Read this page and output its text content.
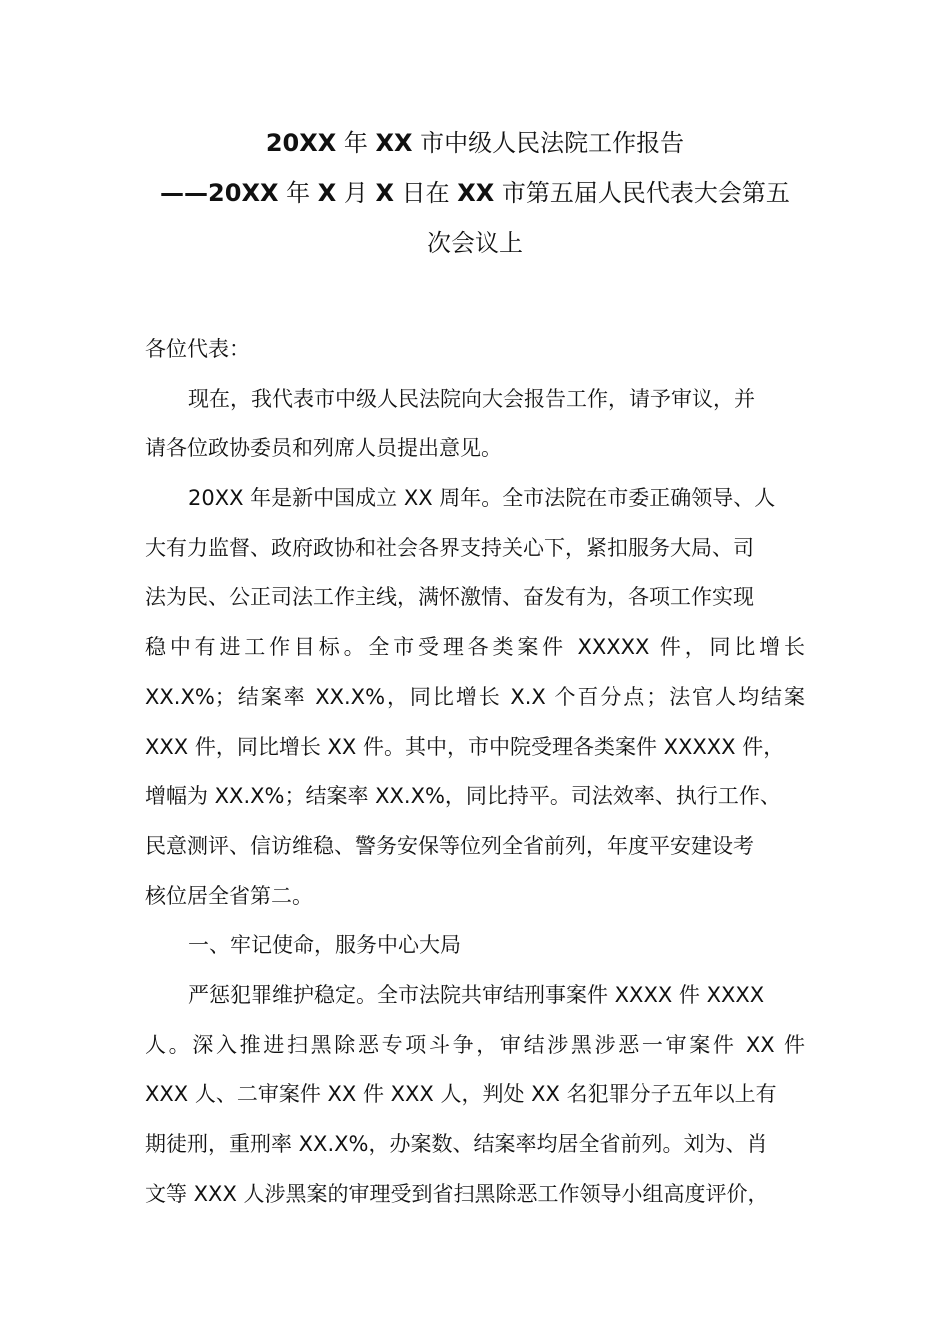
20XX 年 XX 市中级人民法院工作报告
——20XX 年 X 月 X 日在 XX 市第五届人民代表大会第五
次会议上
各位代表：
现在，我代表市中级人民法院向大会报告工作，请予审议，并
请各位政协委员和列席人员提出意见。
20XX 年是新中国成立 XX 周年。全市法院在市委正确领导、人
大有力监督、政府政协和社会各界支持关心下，紧扣服务大局、司
法为民、公正司法工作主线，满怀激情、奋发有为，各项工作实现
稳中有进工作目标。全市受理各类案件 XXXXX 件，同比增长
XX.X%；结案率 XX.X%，同比增长 X.X 个百分点；法官人均结案
XXX 件，同比增长 XX 件。其中，市中院受理各类案件 XXXXX 件，
增幅为 XX.X%；结案率 XX.X%，同比持平。司法效率、执行工作、
民意测评、信访维稳、警务安保等位列全省前列，年度平安建设考
核位居全省第二。
一、牢记使命，服务中心大局
严惩犯罪维护稳定。全市法院共审结刑事案件 XXXX 件 XXXX
人。深入推进扫黑除恶专项斗争，审结涉黑涉恶一审案件 XX 件
XXX 人、二审案件 XX 件 XXX 人，判处 XX 名犯罪分子五年以上有
期徒刑，重刑率 XX.X%，办案数、结案率均居全省前列。刘为、肖
文等 XXX 人涉黑案的审理受到省扫黑除恶工作领导小组高度评价，
